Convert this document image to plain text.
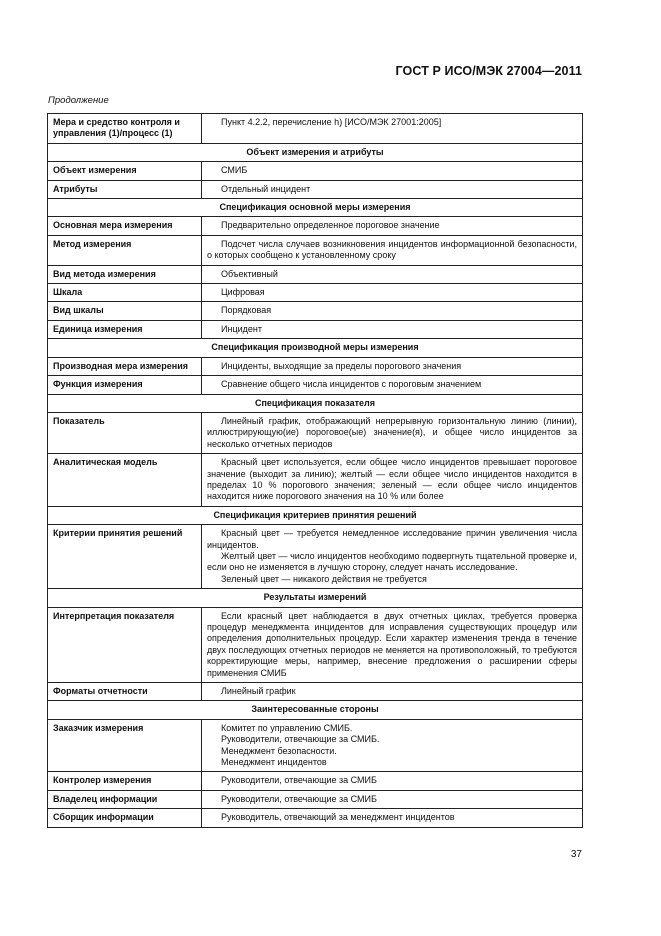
ГОСТ Р ИСО/МЭК 27004—2011
Продолжение
Мера и средство контроля и управления (1)/процесс (1)	Пункт 4.2.2, перечисление h) [ИСО/МЭК 27001:2005]
Объект измерения и атрибуты	
Объект измерения	СМИБ
Атрибуты	Отдельный инцидент
Спецификация основной меры измерения	
Основная мера измерения	Предварительно определенное пороговое значение
Метод измерения	Подсчет числа случаев возникновения инцидентов информационной безопасности, о которых сообщено к установленному сроку
Вид метода измерения	Объективный
Шкала	Цифровая
Вид шкалы	Порядковая
Единица измерения	Инцидент
Спецификация производной меры измерения	
Производная мера измерения	Инциденты, выходящие за пределы порогового значения
Функция измерения	Сравнение общего числа инцидентов с пороговым значением
Спецификация показателя	
Показатель	Линейный график, отображающий непрерывную горизонтальную линию (линии), иллюстрирующую(ие) пороговое(ые) значение(я), и общее число инцидентов за несколько отчетных периодов
Аналитическая модель	Красный цвет используется, если общее число инцидентов превышает пороговое значение (выходит за линию); желтый — если общее число инцидентов находится в пределах 10 % порогового значения; зеленый — если общее число инцидентов находится ниже порогового значения на 10 % или более
Спецификация критериев принятия решений	
Критерии принятия решений	Красный цвет — требуется немедленное исследование причин увеличения числа инцидентов.
Желтый цвет — число инцидентов необходимо подвергнуть тщательной проверке и, если оно не изменяется в лучшую сторону, следует начать исследование.
Зеленый цвет — никакого действия не требуется

Результаты измерений	
Интерпретация показателя	Если красный цвет наблюдается в двух отчетных циклах, требуется проверка процедур менеджмента инцидентов для исправления существующих процедур или определения дополнительных процедур. Если характер изменения тренда в течение двух последующих отчетных периодов не меняется на противоположный, то требуются корректирующие меры, например, внесение предложения о расширении сферы применения СМИБ
Форматы отчетности	Линейный график
Заинтересованные стороны	
Заказчик измерения	Комитет по управлению СМИБ.
Руководители, отвечающие за СМИБ.
Менеджмент безопасности.
Менеджмент инцидентов

Контролер измерения	Руководители, отвечающие за СМИБ
Владелец информации	Руководители, отвечающие за СМИБ
Сборщик информации	Руководитель, отвечающий за менеджмент инцидентов
37
